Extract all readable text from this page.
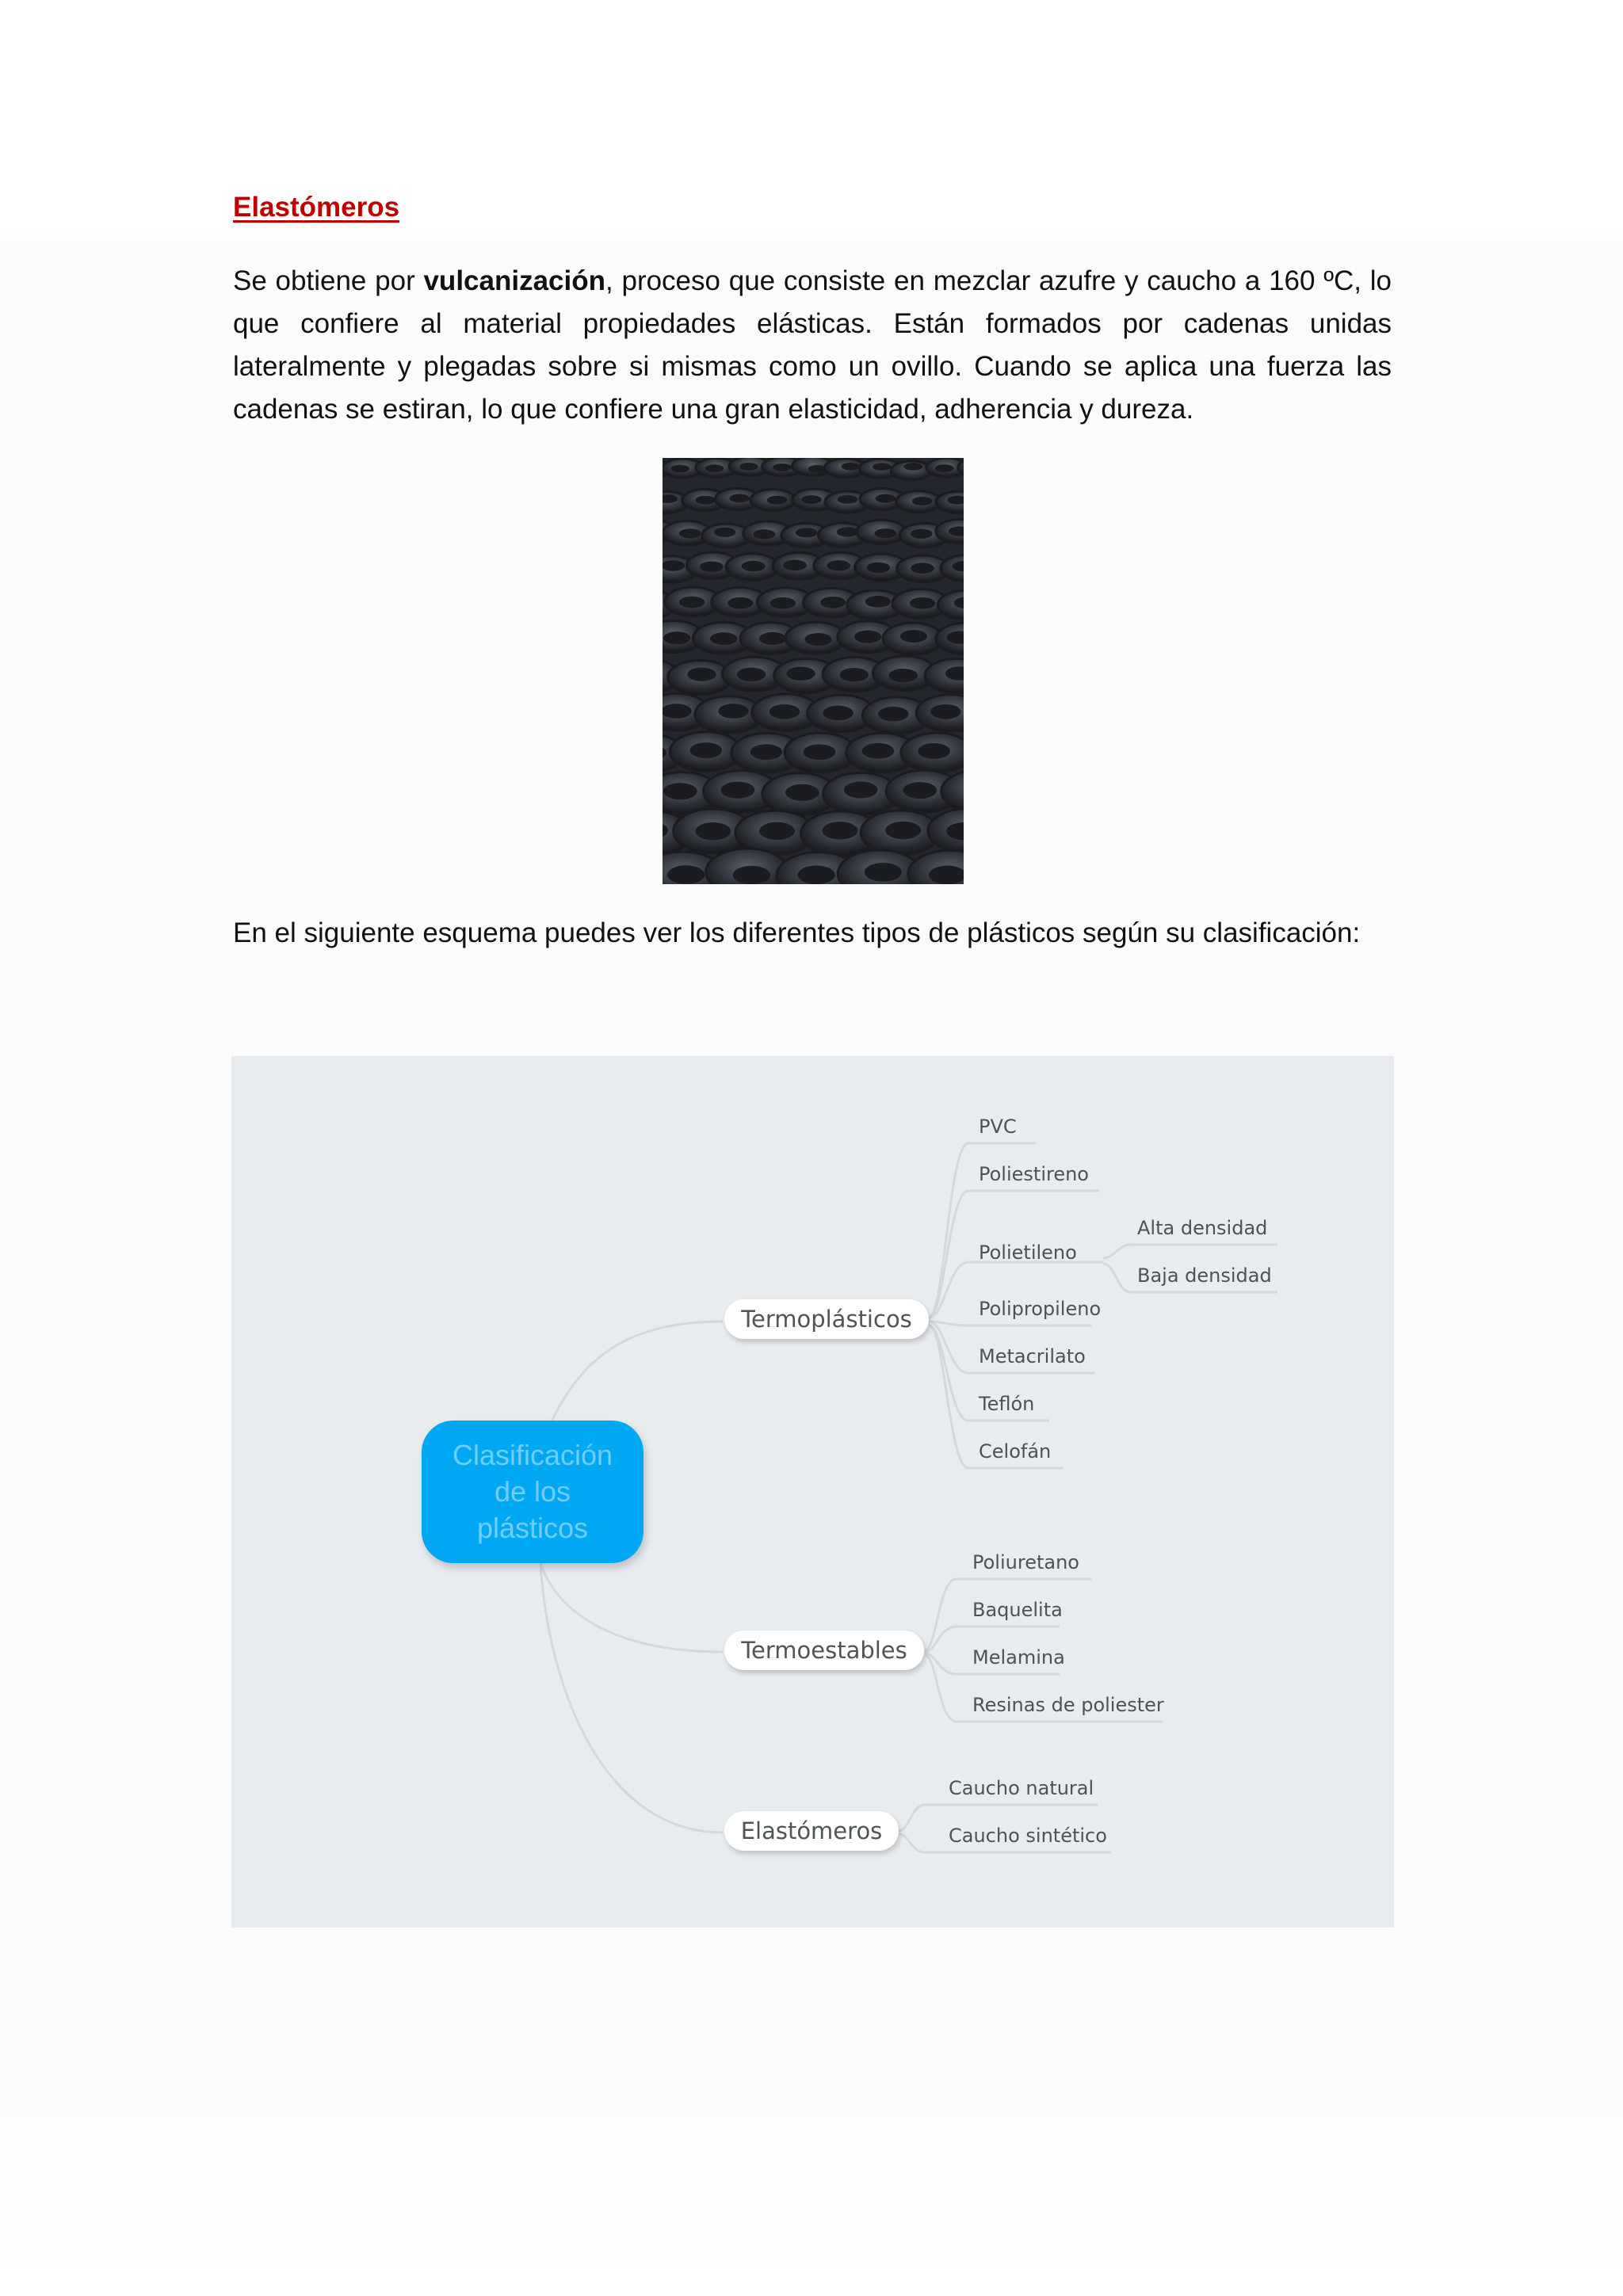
Elastómeros
Se obtiene por vulcanización, proceso que consiste en mezclar azufre y caucho a 160 ºC, lo que confiere al material propiedades elásticas. Están formados por cadenas unidas lateralmente y plegadas sobre si mismas como un ovillo. Cuando se aplica una fuerza las cadenas se estiran, lo que confiere una gran elasticidad, adherencia y dureza.
En el siguiente esquema puedes ver los diferentes tipos de plásticos según su clasificación:
Clasificación de los plásticos
Termoplásticos
Termoestables
Elastómeros
PVC
Poliestireno
Polietileno
Polipropileno
Metacrilato
Teflón
Celofán
Alta densidad
Baja densidad
Poliuretano
Baquelita
Melamina
Resinas de poliester
Caucho natural
Caucho sintético
